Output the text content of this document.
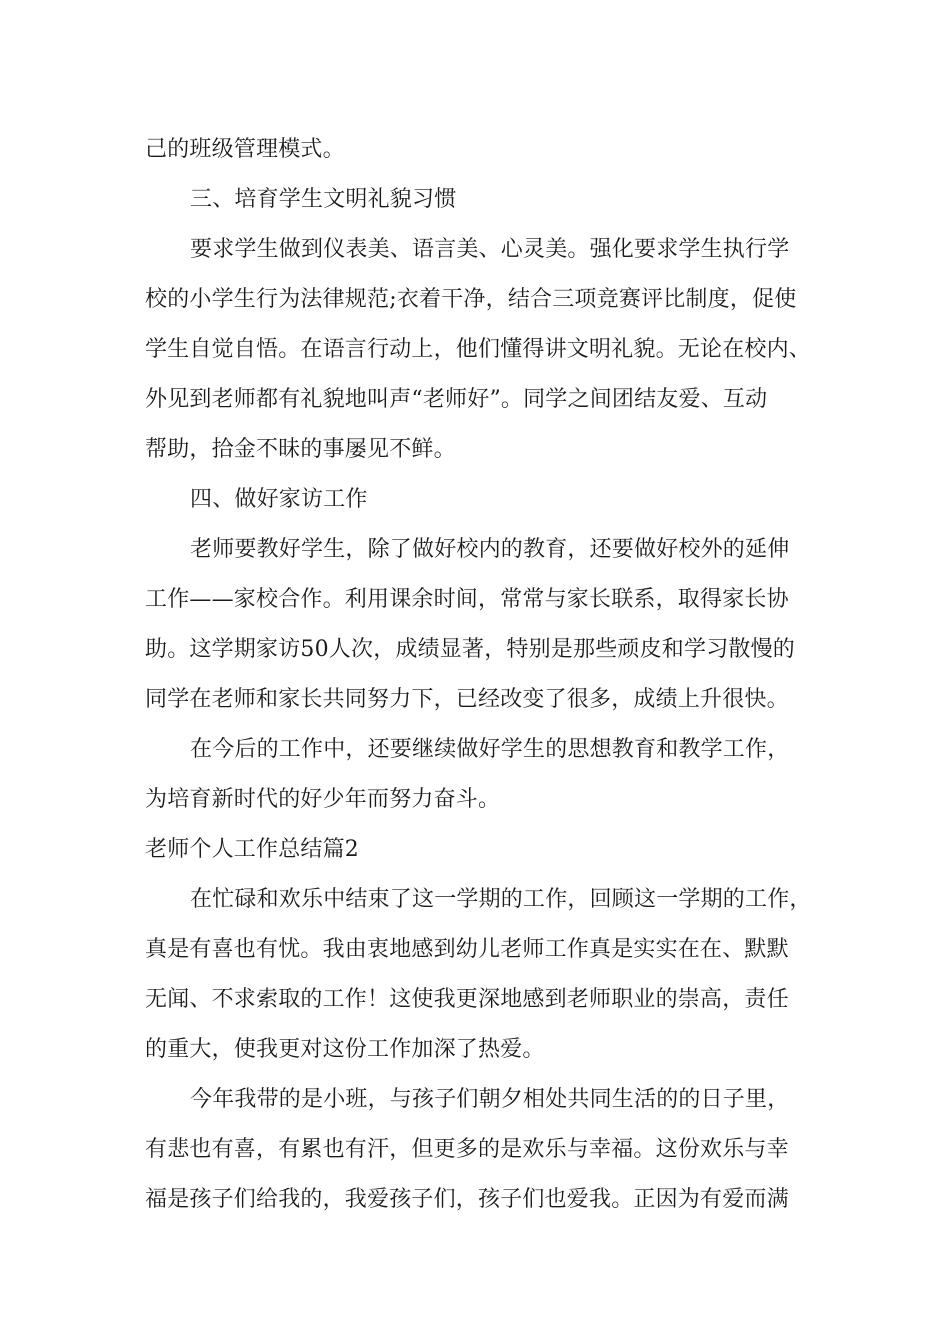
己的班级管理模式。
三、培育学生文明礼貌习惯
要求学生做到仪表美、语言美、心灵美。强化要求学生执行学
校的小学生行为法律规范;衣着干净，结合三项竞赛评比制度，促使
学生自觉自悟。在语言行动上，他们懂得讲文明礼貌。无论在校内、
外见到老师都有礼貌地叫声“老师好”。同学之间团结友爱、互动
帮助，拾金不昧的事屡见不鲜。
四、做好家访工作
老师要教好学生，除了做好校内的教育，还要做好校外的延伸
工作——家校合作。利用课余时间，常常与家长联系，取得家长协
助。这学期家访50人次，成绩显著，特别是那些顽皮和学习散慢的
同学在老师和家长共同努力下，已经改变了很多，成绩上升很快。
在今后的工作中，还要继续做好学生的思想教育和教学工作，
为培育新时代的好少年而努力奋斗。
老师个人工作总结篇2
在忙碌和欢乐中结束了这一学期的工作，回顾这一学期的工作，
真是有喜也有忧。我由衷地感到幼儿老师工作真是实实在在、默默
无闻、不求索取的工作！这使我更深地感到老师职业的崇高，责任
的重大，使我更对这份工作加深了热爱。
今年我带的是小班，与孩子们朝夕相处共同生活的的日子里，
有悲也有喜，有累也有汗，但更多的是欢乐与幸福。这份欢乐与幸
福是孩子们给我的，我爱孩子们，孩子们也爱我。正因为有爱而满
